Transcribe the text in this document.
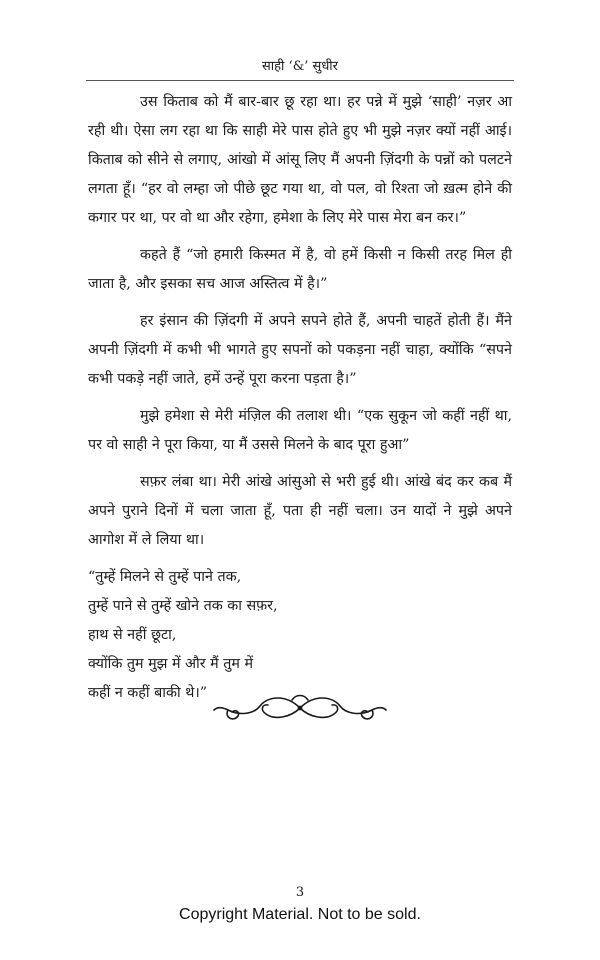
साही ‘&’ सुधीर

उस किताब को मैं बार-बार छू रहा था। हर पन्ने में मुझे ‘साही’ नज़र आ रही थी। ऐसा लग रहा था कि साही मेरे पास होते हुए भी मुझे नज़र क्यों नहीं आई। किताब को सीने से लगाए, आंखो में आंसू लिए मैं अपनी ज़िंदगी के पन्नों को पलटने लगता हूँ। “हर वो लम्हा जो पीछे छूट गया था, वो पल, वो रिश्ता जो ख़त्म होने की कगार पर था, पर वो था और रहेगा, हमेशा के लिए मेरे पास मेरा बन कर।”

कहते हैं “जो हमारी किस्मत में है, वो हमें किसी न किसी तरह मिल ही जाता है, और इसका सच आज अस्तित्व में है।”

हर इंसान की ज़िंदगी में अपने सपने होते हैं, अपनी चाहतें होती हैं। मैंने अपनी ज़िंदगी में कभी भी भागते हुए सपनों को पकड़ना नहीं चाहा, क्योंकि “सपने कभी पकड़े नहीं जाते, हमें उन्हें पूरा करना पड़ता है।”

मुझे हमेशा से मेरी मंज़िल की तलाश थी। “एक सुकून जो कहीं नहीं था, पर वो साही ने पूरा किया, या मैं उससे मिलने के बाद पूरा हुआ”

सफ़र लंबा था। मेरी आंखे आंसुओ से भरी हुई थी। आंखे बंद कर कब मैं अपने पुराने दिनों में चला जाता हूँ, पता ही नहीं चला। उन यादों ने मुझे अपने आगोश में ले लिया था।

“तुम्हें मिलने से तुम्हें पाने तक,
तुम्हें पाने से तुम्हें खोने तक का सफ़र,
हाथ से नहीं छूटा,
क्योंकि तुम मुझ में और मैं तुम में
कहीं न कहीं बाकी थे।”
3
Copyright Material. Not to be sold.
